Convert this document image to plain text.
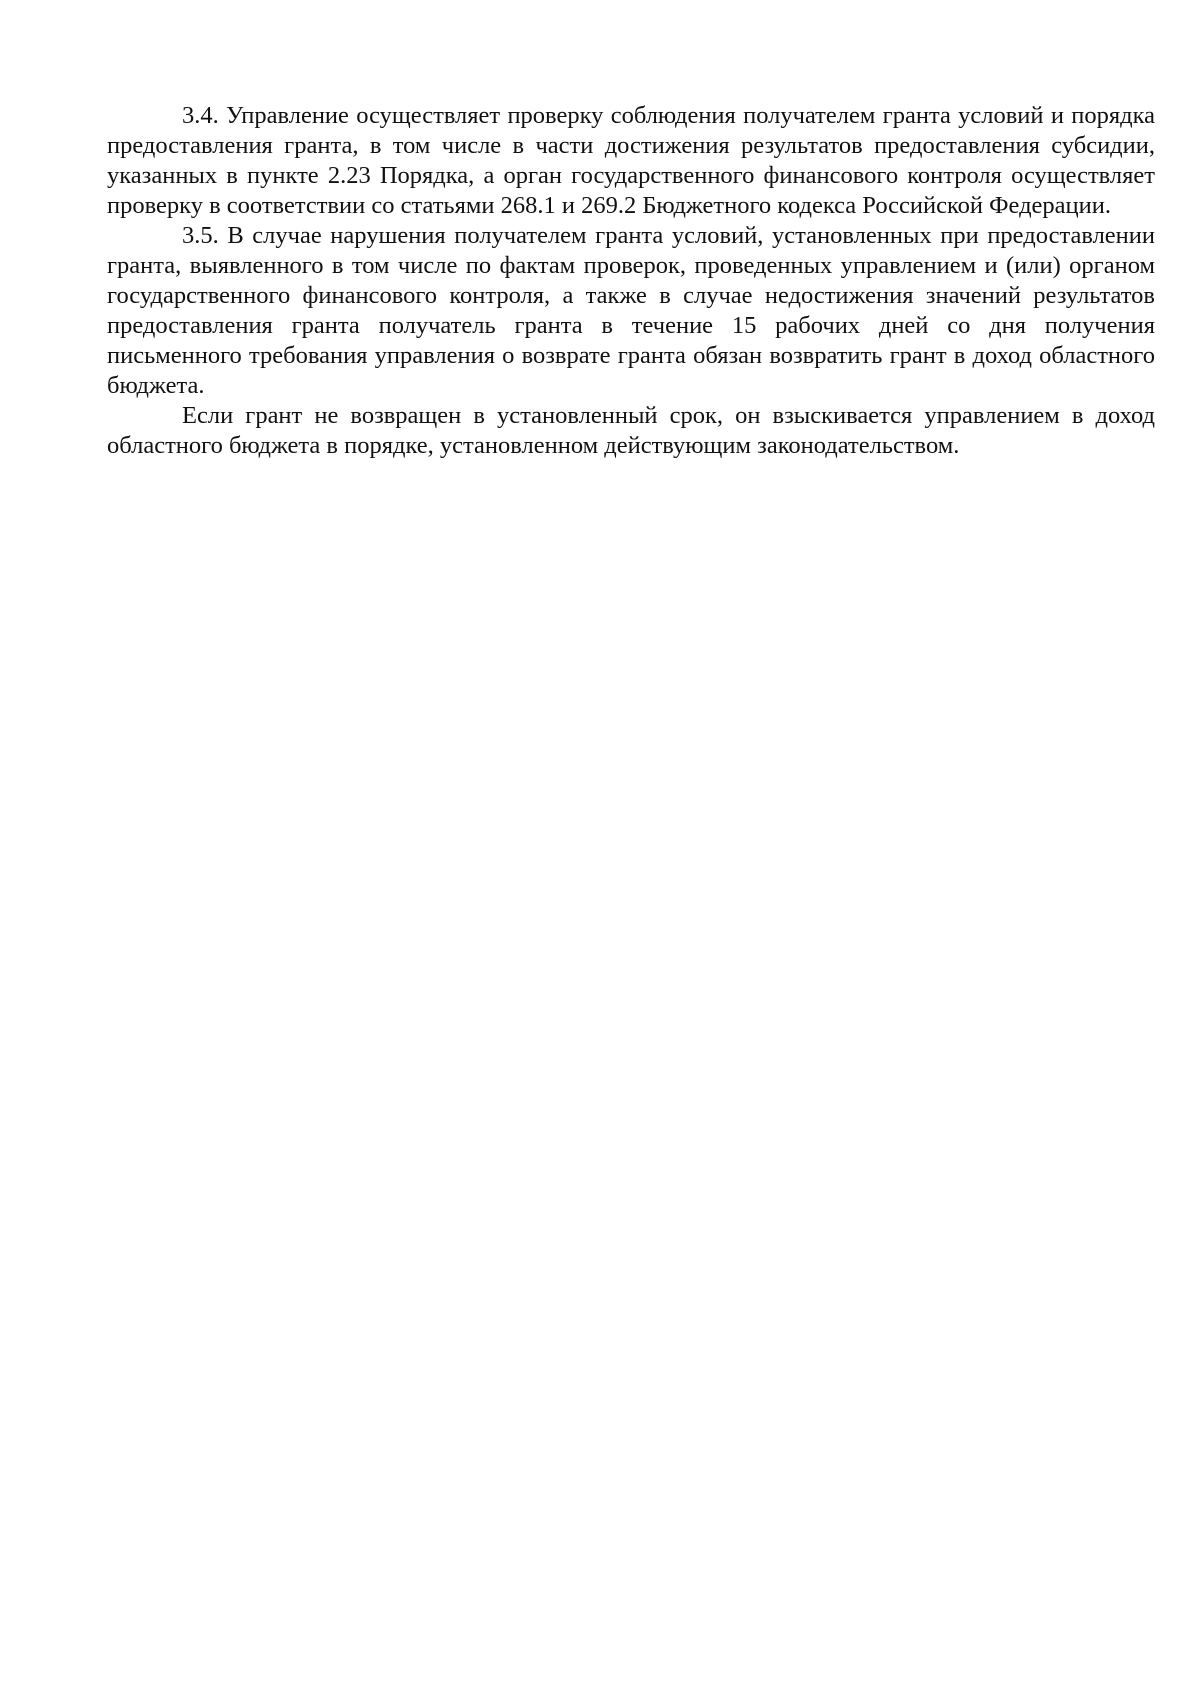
3.4. Управление осуществляет проверку соблюдения получателем гранта условий и порядка предоставления гранта, в том числе в части достижения результатов предоставления субсидии, указанных в пункте 2.23 Порядка, а орган государственного финансового контроля осуществляет проверку в соответствии со статьями 268.1 и 269.2 Бюджетного кодекса Российской Федерации.

3.5. В случае нарушения получателем гранта условий, установленных при предоставлении гранта, выявленного в том числе по фактам проверок, проведенных управлением и (или) органом государственного финансового контроля, а также в случае недостижения значений результатов предоставления гранта получатель гранта в течение 15 рабочих дней со дня получения письменного требования управления о возврате гранта обязан возвратить грант в доход областного бюджета.

Если грант не возвращен в установленный срок, он взыскивается управлением в доход областного бюджета в порядке, установленном действующим законодательством.
